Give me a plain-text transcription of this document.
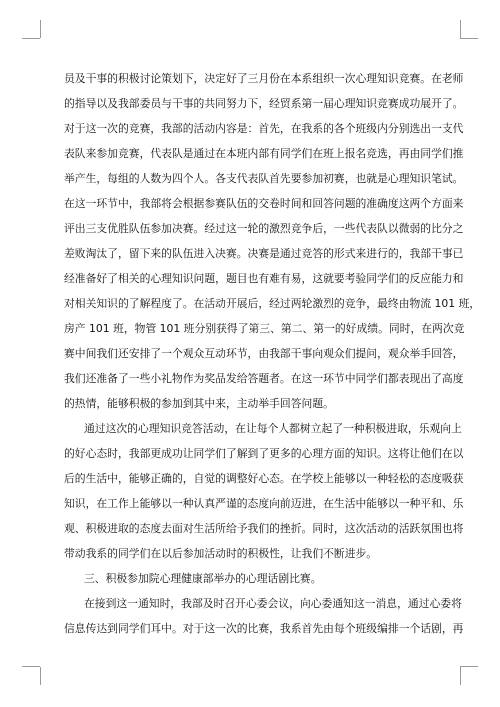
员及干事的积极讨论策划下，决定好了三月份在本系组织一次心理知识竞赛。在老师
的指导以及我部委员与干事的共同努力下，经贸系第一届心理知识竞赛成功展开了。
对于这一次的竞赛，我部的活动内容是：首先，在我系的各个班级内分别选出一支代
表队来参加竞赛，代表队是通过在本班内部有同学们在班上报名竞选，再由同学们推
举产生，每组的人数为四个人。各支代表队首先要参加初赛，也就是心理知识笔试。
在这一环节中，我部将会根据参赛队伍的交卷时间和回答问题的准确度这两个方面来
评出三支优胜队伍参加决赛。经过这一轮的激烈竞争后，一些代表队以微弱的比分之
差败淘汰了，留下来的队伍进入决赛。决赛是通过竞答的形式来进行的，我部干事已
经准备好了相关的心理知识问题，题目也有难有易，这就要考验同学们的反应能力和
对相关知识的了解程度了。在活动开展后，经过两轮激烈的竞争，最终由物流 101 班，
房产 101 班，物管 101 班分别获得了第三、第二、第一的好成绩。同时，在两次竞
赛中间我们还安排了一个观众互动环节，由我部干事向观众们提问，观众举手回答，
我们还准备了一些小礼物作为奖品发给答题者。在这一环节中同学们都表现出了高度
的热情，能够积极的参加到其中来，主动举手回答问题。
通过这次的心理知识竞答活动，在让每个人都树立起了一种积极进取，乐观向上
的好心态时，我部更成功让同学们了解到了更多的心理方面的知识。这将让他们在以
后的生活中，能够正确的，自觉的调整好心态。在学校上能够以一种轻松的态度吸获
知识，在工作上能够以一种认真严谨的态度向前迈进，在生活中能够以一种平和、乐
观、积极进取的态度去面对生活所给予我们的挫折。同时，这次活动的活跃氛围也将
带动我系的同学们在以后参加活动时的积极性，让我们不断进步。
三、积极参加院心理健康部举办的心理话剧比赛。
在接到这一通知时，我部及时召开心委会议，向心委通知这一消息，通过心委将
信息传达到同学们耳中。对于这一次的比赛，我系首先由每个班级编排一个话剧，再
